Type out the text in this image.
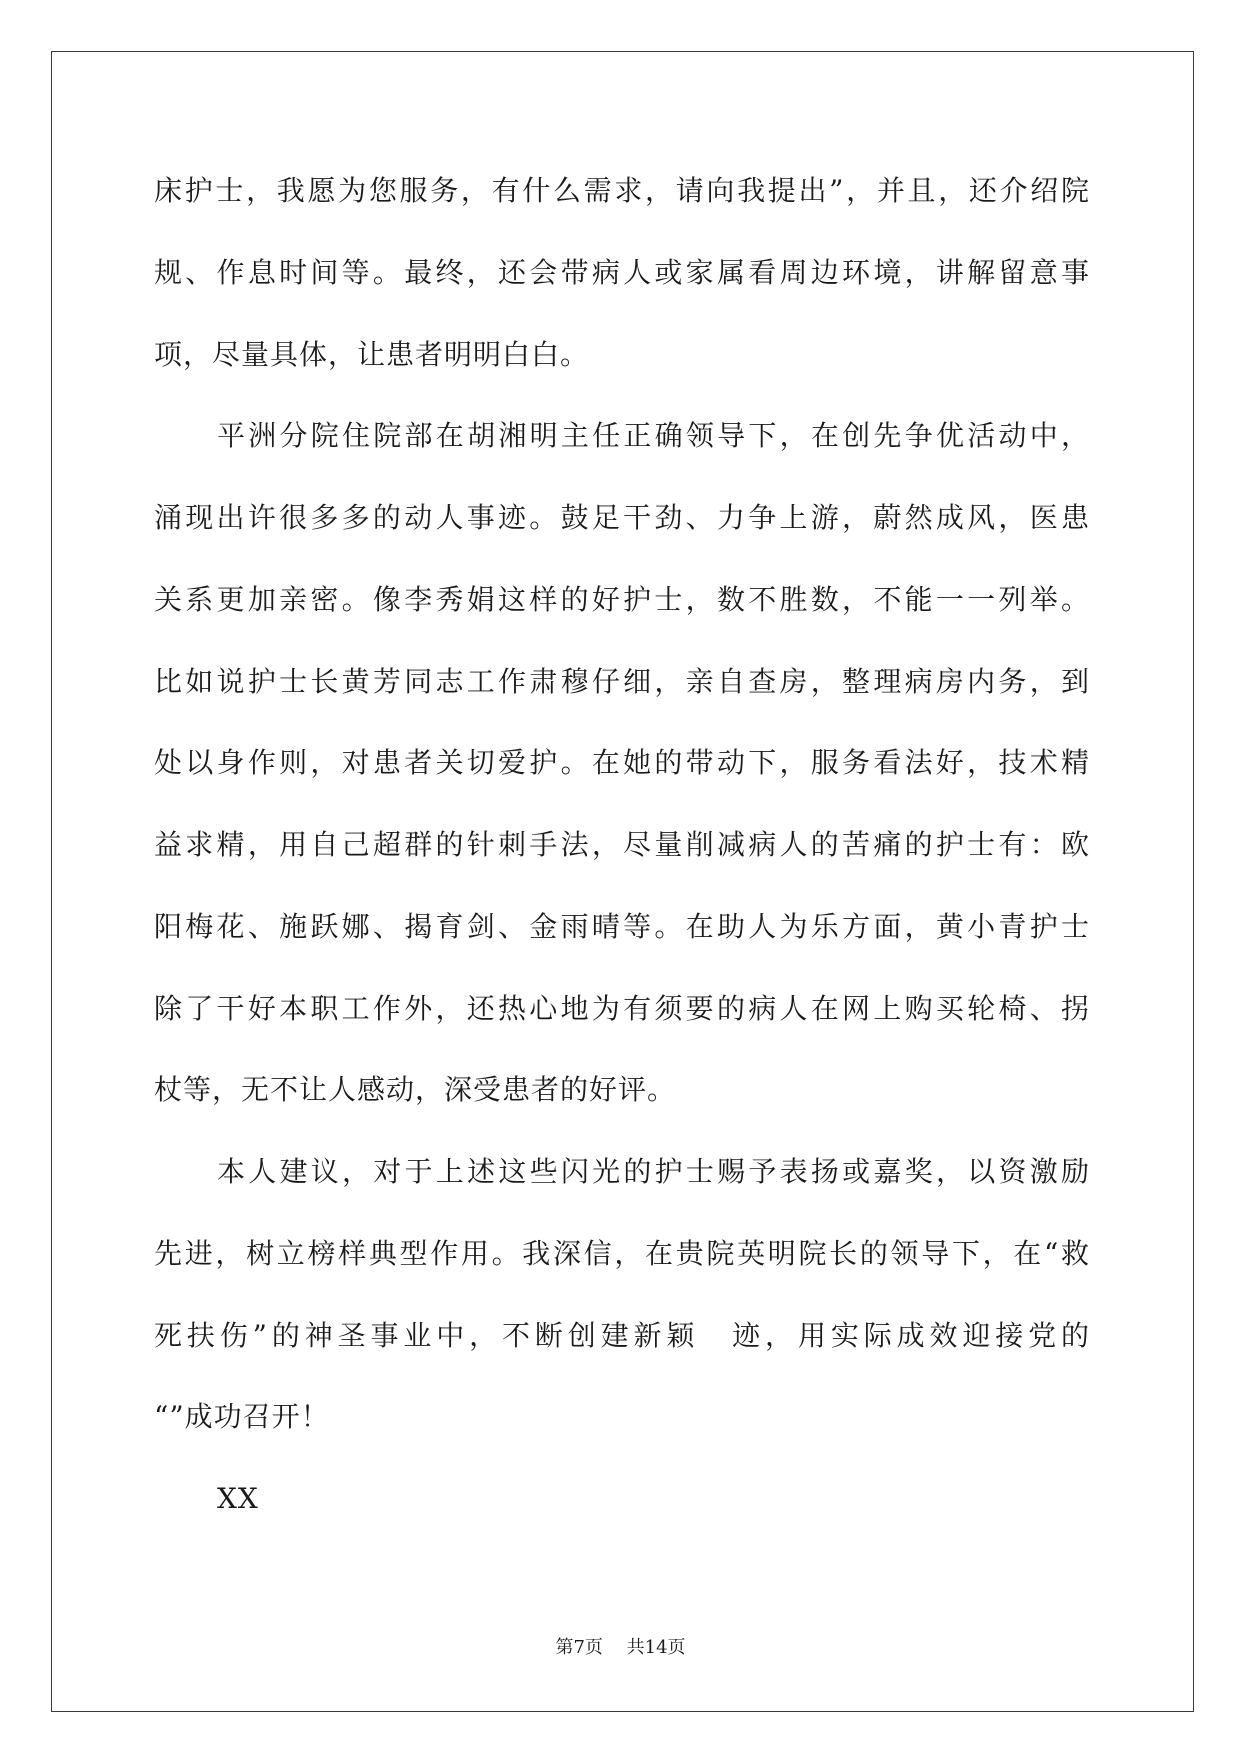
床护士，我愿为您服务，有什么需求，请向我提出”，并且，还介绍院
规、作息时间等。最终，还会带病人或家属看周边环境，讲解留意事
项，尽量具体，让患者明明白白。
平洲分院住院部在胡湘明主任正确领导下，在创先争优活动中，
涌现出许很多多的动人事迹。鼓足干劲、力争上游，蔚然成风，医患
关系更加亲密。像李秀娟这样的好护士，数不胜数，不能一一列举。
比如说护士长黄芳同志工作肃穆仔细，亲自查房，整理病房内务，到
处以身作则，对患者关切爱护。在她的带动下，服务看法好，技术精
益求精，用自己超群的针刺手法，尽量削减病人的苦痛的护士有：欧
阳梅花、施跃娜、揭育剑、金雨晴等。在助人为乐方面，黄小青护士
除了干好本职工作外，还热心地为有须要的病人在网上购买轮椅、拐
杖等，无不让人感动，深受患者的好评。
本人建议，对于上述这些闪光的护士赐予表扬或嘉奖，以资激励
先进，树立榜样典型作用。我深信，在贵院英明院长的领导下，在“救
死扶伤”的神圣事业中，不断创建新颖　迹，用实际成效迎接党的
“”成功召开！
XX
第7页 共14页
